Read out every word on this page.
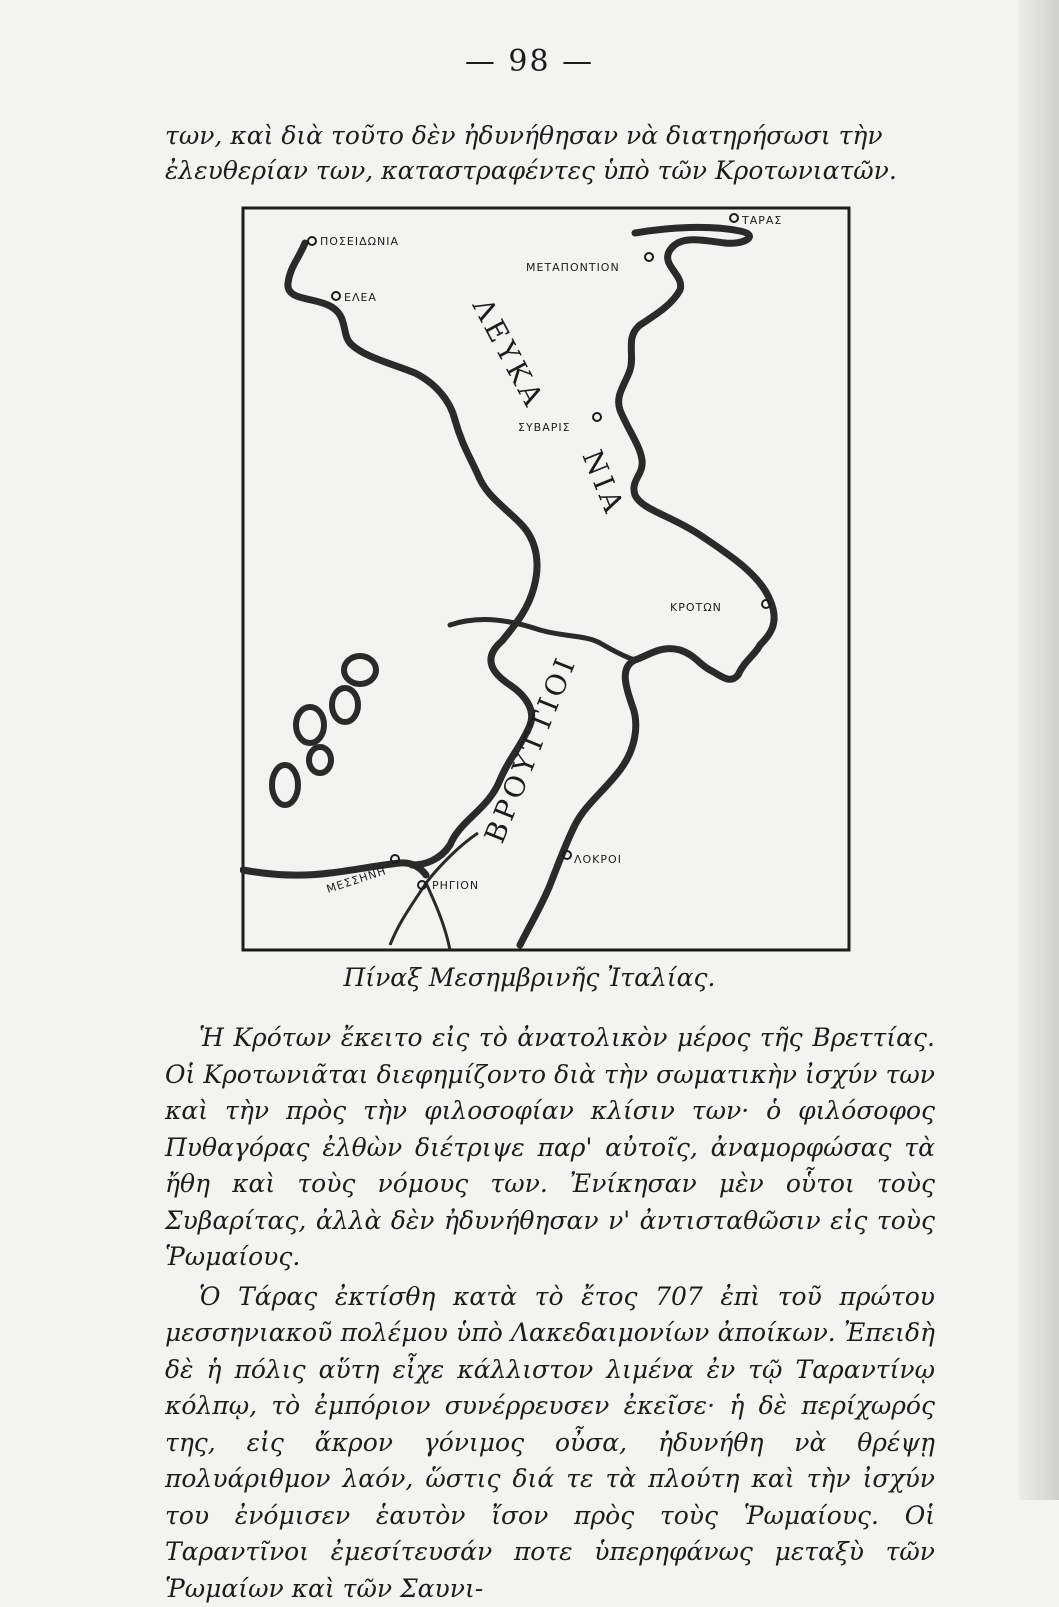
— 98 —
των, καὶ διὰ τοῦτο δὲν ἠδυνήθησαν νὰ διατηρήσωσι τὴν ἐλευθερίαν των, καταστραφέντες ὑπὸ τῶν Κροτωνιατῶν.
ΠΟΣΕΙΔΩΝΙΑ
ΕΛΕΑ
ΜΕΤΑΠΟΝΤΙΟΝ
ΤΑΡΑΣ
ΣΥΒΑΡΙΣ
ΚΡΟΤΩΝ
ΛΟΚΡΟΙ
ΡΗΓΙΟΝ
ΜΕΣΣΗΝΗ
ΛΕΥΚΑ
ΝΙΑ
ΒΡΟΥΤΤΙΟΙ
Πίναξ Μεσημβρινῆς Ἰταλίας.

Ἡ Κρότων ἔκειτο εἰς τὸ ἀνατολικὸν μέρος τῆς Βρεττίας. Οἱ Κροτωνιᾶται διεφημίζοντο διὰ τὴν σωματικὴν ἰσχύν των καὶ τὴν πρὸς τὴν φιλοσοφίαν κλίσιν των· ὁ φιλόσοφος Πυθαγόρας ἐλθὼν διέτριψε παρ' αὐτοῖς, ἀναμορφώσας τὰ ἤθη καὶ τοὺς νόμους των. Ἐνίκησαν μὲν οὗτοι τοὺς Συβαρίτας, ἀλλὰ δὲν ἠδυνήθησαν ν' ἀντισταθῶσιν εἰς τοὺς Ῥωμαίους.

Ὁ Τάρας ἐκτίσθη κατὰ τὸ ἔτος 707 ἐπὶ τοῦ πρώτου μεσσηνιακοῦ πολέμου ὑπὸ Λακεδαιμονίων ἀποίκων. Ἐπειδὴ δὲ ἡ πόλις αὕτη εἶχε κάλλιστον λιμένα ἐν τῷ Ταραντίνῳ κόλπῳ, τὸ ἐμπόριον συνέρρευσεν ἐκεῖσε· ἡ δὲ περίχωρός της, εἰς ἄκρον γόνιμος οὖσα, ἠδυνήθη νὰ θρέψῃ πολυάριθμον λαόν, ὥστις διά τε τὰ πλούτη καὶ τὴν ἰσχύν του ἐνόμισεν ἑαυτὸν ἴσον πρὸς τοὺς Ῥωμαίους. Οἱ Ταραντῖνοι ἐμεσίτευσάν ποτε ὑπερηφάνως μεταξὺ τῶν Ῥωμαίων καὶ τῶν Σαυνι-
